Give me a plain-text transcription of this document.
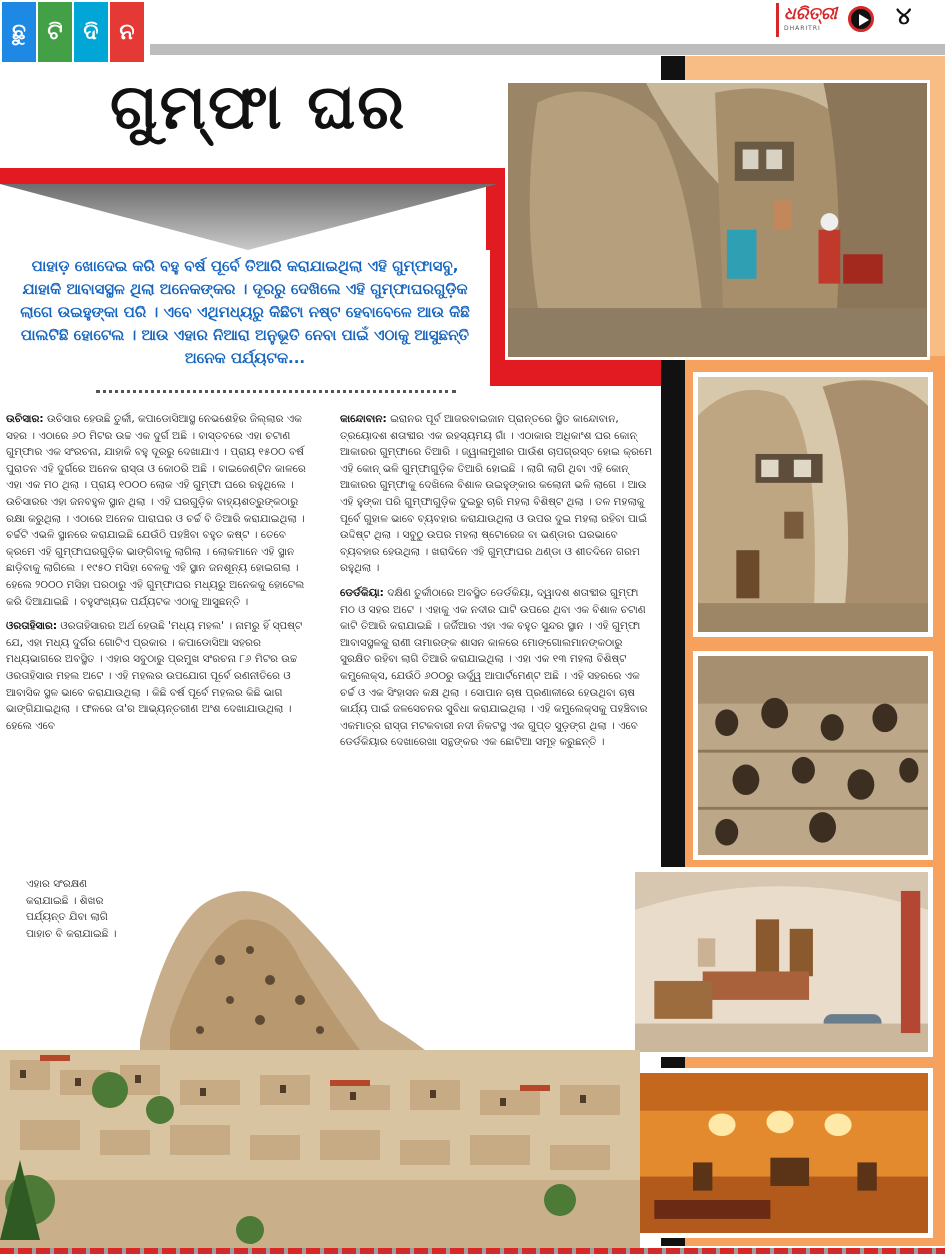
ଛୁ ଟି ଦି ନ
ଧରିତ୍ରୀ
DHARITRI	୪
ଗୁମ୍ଫା ଘର

ପାହାଡ଼ ଖୋଦେଇ କରି ବହୁ ବର୍ଷ ପୂର୍ବେ ତିଆରି କରାଯାଇଥିଲା ଏହି ଗୁମ୍ଫାସବୁ, ଯାହାକି ଆବାସସ୍ଥଳ ଥିଲା ଅନେକଙ୍କର । ଦୂରରୁ ଦେଖିଲେ ଏହି ଗୁମ୍ଫାଘରଗୁଡ଼ିକ ଲାଗେ ଉଇହୁଙ୍କା ପରି । ଏବେ ଏଥିମଧ୍ୟରୁ କିଛିଟା ନଷ୍ଟ ହେବାବେଳେ ଆଉ କିଛି ପାଲଟିଛି ହୋଟେଲ । ଆଉ ଏହାର ନିଆରା ଅନୁଭୂତି ନେବା ପାଇଁ ଏଠାକୁ ଆସୁଛନ୍ତି ଅନେକ ପର୍ଯ୍ୟଟକ...

ଉଚିସାର: ଉଚିସାର ହେଉଛି ତୁର୍କୀ, କପାଡୋସିଆସ୍ଥ ନେଭଶେହିର ଜିଲ୍ଲାର ଏକ ସହର । ଏଠାରେ ୬୦ ମିଟର ଉଚ୍ଚ ଏକ ଦୁର୍ଗ ଅଛି । ବାସ୍ତବରେ ଏହା ଚଟାଣ ଗୁମ୍ଫାର ଏକ ସଂରଚନା, ଯାହାକି ବହୁ ଦୂରରୁ ଦେଖାଯାଏ । ପ୍ରାୟ ୧୫୦୦ ବର୍ଷ ପୁରାତନ ଏହି ଦୁର୍ଗରେ ଅନେକ ରାସ୍ତା ଓ କୋଠରି ଅଛି । ବାଇଜେଣ୍ଟିନ କାଳରେ ଏହା ଏକ ମଠ ଥିଲା । ପ୍ରାୟ ୧୦୦୦ ଲୋକ ଏହି ଗୁମ୍ଫା ଘରେ ରହୁଥିଲେ । ଉଚିସାରର ଏହା ଜନବହୁଳ ସ୍ଥାନ ଥିଲା । ଏହି ଘରଗୁଡ଼ିକ ବାହ୍ୟଶତ୍ରୁଙ୍କଠାରୁ ରକ୍ଷା କରୁଥିଲା । ଏଠାରେ ଅନେକ ପାରାଘର ଓ ଚର୍ଚ୍ଚ ବି ତିଆରି କରାଯାଇଥିଲା । ଚର୍ଚ୍ଚଟି ଏଭଳି ସ୍ଥାନରେ କରାଯାଇଛି ଯେଉଁଠି ପହଞ୍ଚିବା ବହୁତ କଷ୍ଟ । ତେବେ କ୍ରମେ ଏହି ଗୁମ୍ଫାଘରଗୁଡ଼ିକ ଭାଙ୍ଗିବାକୁ ଲାଗିଲା । ଲୋକମାନେ ଏହି ସ୍ଥାନ ଛାଡ଼ିବାକୁ ଲାଗିଲେ । ୧୯୫୦ ମସିହା ବେଳକୁ ଏହି ସ୍ଥାନ ଜନଶୂନ୍ୟ ହୋଇଗଲା । ହେଲେ ୨୦୦୦ ମସିହା ପରଠାରୁ ଏହି ଗୁମ୍ଫାଘର ମଧ୍ୟରୁ ଅନେକକୁ ହୋଟେଲ କରି ଦିଆଯାଇଛି । ବହୁସଂଖ୍ୟକ ପର୍ଯ୍ୟଟକ ଏଠାକୁ ଆସୁଛନ୍ତି ।

ଓରତାହିସାର: ଓରତାହିସାରର ଅର୍ଥ ହେଉଛି 'ମଧ୍ୟ ମହଲ' । ନାମରୁ ହିଁ ସ୍ପଷ୍ଟ ଯେ, ଏହା ମଧ୍ୟ ଦୁର୍ଗର ଗୋଟିଏ ପ୍ରକାର । କପାଡୋସିଆ ସହରର ମଧ୍ୟଭାଗରେ ଅବସ୍ଥିତ । ଏହାର ସବୁଠାରୁ ପ୍ରମୁଖ ସଂରଚନା ୮୬ ମିଟର ଉଚ୍ଚ ଓରତାହିସାର ମହଲ ଅଟେ । ଏହି ମହଲର ଉପଯୋଗ ପୂର୍ବେ ରଣନୀତିରେ ଓ ଆବାସିକ ସ୍ଥଳ ଭାବେ କରାଯାଉଥିଲା । କିଛି ବର୍ଷ ପୂର୍ବେ ମହଲର କିଛି ଭାଗ ଭାଙ୍ଗିଯାଇଥିଲା । ଫଳରେ ତା'ର ଆଭ୍ୟନ୍ତରୀଣ ଅଂଶ ଦେଖାଯାଉଥିଲା । ହେଲେ ଏବେ

ଏହାର ସଂରକ୍ଷଣ କରାଯାଇଛି । ଶିଖର ପର୍ଯ୍ୟନ୍ତ ଯିବା ଲାଗି ପାହାଚ ବି କରାଯାଇଛି ।

କାନ୍ଦୋବାନ: ଇରାନର ପୂର୍ବ ଆଜରବାଇଜାନ ପ୍ରାନ୍ତରେ ସ୍ଥିତ କାନ୍ଦୋବାନ, ତ୍ରୟୋଦଶ ଶତାବ୍ଦୀର ଏକ ରହସ୍ୟମୟ ଗାଁ । ଏଠାକାର ଅଧିକାଂଶ ଘର କୋନ୍ ଆକାରର ଗୁମ୍ଫାରେ ତିଆରି । ଜ୍ୱାଳାମୁଖୀର ପାଉଁଶ ଚାପଗ୍ରସ୍ତ ହୋଇ କ୍ରମେ ଏହି କୋନ୍ ଭଳି ଗୁମ୍ଫାଗୁଡ଼ିକ ତିଆରି ହୋଇଛି । ଲାଗି ଲାଗି ଥିବା ଏହି କୋନ୍ ଆକାରର ଗୁମ୍ଫାକୁ ଦେଖିଲେ ବିଶାଳ ଉଇହୁଙ୍କାର କଲୋନୀ ଭଳି ଲାଗେ । ଆଉ ଏହି ହୁଙ୍କା ପରି ଗୁମ୍ଫାଗୁଡ଼ିକ ଦୁଇରୁ ଚାରି ମହଲା ବିଶିଷ୍ଟ ଥିଲା । ତଳ ମହଲାକୁ ପୂର୍ବେ ଗୁହାଳ ଭାବେ ବ୍ୟବହାର କରାଯାଉଥିଲା ଓ ଉପର ଦୁଇ ମହଲା ରହିବା ପାଇଁ ଉଦ୍ଦିଷ୍ଟ ଥିଲା । ସବୁଠୁ ଉପର ମହଲା ଷ୍ଟୋରେଜ ବା ଭଣ୍ଡାର ଘରଭାବେ ବ୍ୟବହାର ହେଉଥିଲା । ଖରାଦିନେ ଏହି ଗୁମ୍ଫାଘର ଥଣ୍ଡା ଓ ଶୀତଦିନେ ଗରମ ରହୁଥିଲା ।

ଡେର୍ଡକିୟା: ଦକ୍ଷିଣ ତୁର୍କୀଠାରେ ଅବସ୍ଥିତ ଡେର୍ଡକିୟା, ଦ୍ୱାଦଶ ଶତାବ୍ଦୀର ଗୁମ୍ଫା ମଠ ଓ ସହର ଅଟେ । ଏହାକୁ ଏକ ନଦୀର ଘାଟି ଉପରେ ଥିବା ଏକ ବିଶାଳ ଚଟାଣ କାଟି ତିଆରି କରାଯାଇଛି । ଜର୍ଜିଆର ଏହା ଏକ ବହୁତ ସୁନ୍ଦର ସ୍ଥାନ । ଏହି ଗୁମ୍ଫା ଆବାସସ୍ଥଳକୁ ରାଣୀ ତାମାରଙ୍କ ଶାସନ କାଳରେ ମୋଙ୍ଗୋଲମାନଙ୍କଠାରୁ ସୁରକ୍ଷିତ ରହିବା ଲାଗି ତିଆରି କରାଯାଇଥିଲା । ଏହା ଏକ ୧୩ ମହଲା ବିଶିଷ୍ଟ କମ୍ପ୍ଲେକ୍ସ, ଯେଉଁଠି ୬୦୦ରୁ ଊର୍ଦ୍ଧ୍ୱ ଆପାର୍ଟମେଣ୍ଟ ଅଛି । ଏହି ସହରରେ ଏକ ଚର୍ଚ୍ଚ ଓ ଏକ ସିଂହାସନ କକ୍ଷ ଥିଲା । ସୋପାନ ଚାଷ ପ୍ରଣାଳୀରେ ହେଉଥିବା ଚାଷ କାର୍ଯ୍ୟ ପାଇଁ ଜଳସେଚନର ସୁବିଧା କରାଯାଇଥିଲା । ଏହି କମ୍ପ୍ଲେକ୍ସକୁ ପହଞ୍ଚିବାର ଏକମାତ୍ର ରାସ୍ତା ମଟକବାରୀ ନଦୀ ନିକଟସ୍ଥ ଏକ ଗୁପ୍ତ ସୁଡ଼ଙ୍ଗ ଥିଲା । ଏବେ ଡେର୍ଡକିୟାର ଦେଖାରେଖା ସନ୍ଥଙ୍କର ଏକ ଛୋଟିଆ ସମୂହ କରୁଛନ୍ତି ।
